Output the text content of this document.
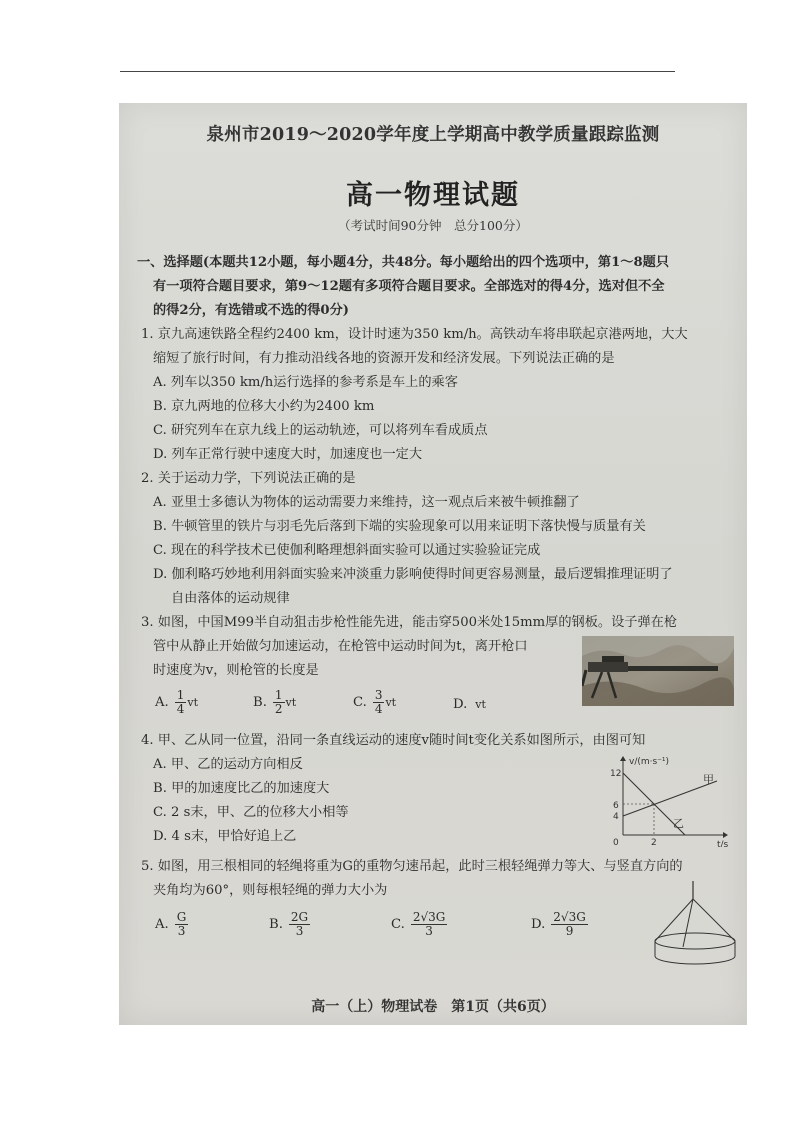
泉州市2019～2020学年度上学期高中教学质量跟踪监测
高一物理试题
（考试时间90分钟　总分100分）
一、选择题(本题共12小题，每小题4分，共48分。每小题给出的四个选项中，第1～8题只
有一项符合题目要求，第9～12题有多项符合题目要求。全部选对的得4分，选对但不全
的得2分，有选错或不选的得0分)
1. 京九高速铁路全程约2400 km，设计时速为350 km/h。高铁动车将串联起京港两地，大大
缩短了旅行时间，有力推动沿线各地的资源开发和经济发展。下列说法正确的是
A. 列车以350 km/h运行选择的参考系是车上的乘客
B. 京九两地的位移大小约为2400 km
C. 研究列车在京九线上的运动轨迹，可以将列车看成质点
D. 列车正常行驶中速度大时，加速度也一定大
2. 关于运动力学，下列说法正确的是
A. 亚里士多德认为物体的运动需要力来维持，这一观点后来被牛顿推翻了
B. 牛顿管里的铁片与羽毛先后落到下端的实验现象可以用来证明下落快慢与质量有关
C. 现在的科学技术已使伽利略理想斜面实验可以通过实验验证完成
D. 伽利略巧妙地利用斜面实验来冲淡重力影响使得时间更容易测量，最后逻辑推理证明了
自由落体的运动规律
3. 如图，中国M99半自动狙击步枪性能先进，能击穿500米处15mm厚的钢板。设子弹在枪
管中从静止开始做匀加速运动，在枪管中运动时间为t，离开枪口
时速度为v，则枪管的长度是
A. $\frac{1}{4}$ vt	B. $\frac{1}{2}$ vt	C. $\frac{3}{4}$ vt	D. vt
4. 甲、乙从同一位置，沿同一条直线运动的速度v随时间t变化关系如图所示，由图可知
A. 甲、乙的运动方向相反
B. 甲的加速度比乙的加速度大
C. 2 s末，甲、乙的位移大小相等
D. 4 s末，甲恰好追上乙
v/(m·s⁻¹)
t/s
12
6
4
0	2
甲
乙
5. 如图，用三根相同的轻绳将重为G的重物匀速吊起，此时三根轻绳弹力等大、与竖直方向的
夹角均为60°，则每根轻绳的弹力大小为
A. $\frac{G}{3}$	B. $\frac{2G}{3}$	C. $\frac{2√3G}{3}$	D. $\frac{2√3G}{9}$
高一（上）物理试卷　第1页（共6页）
